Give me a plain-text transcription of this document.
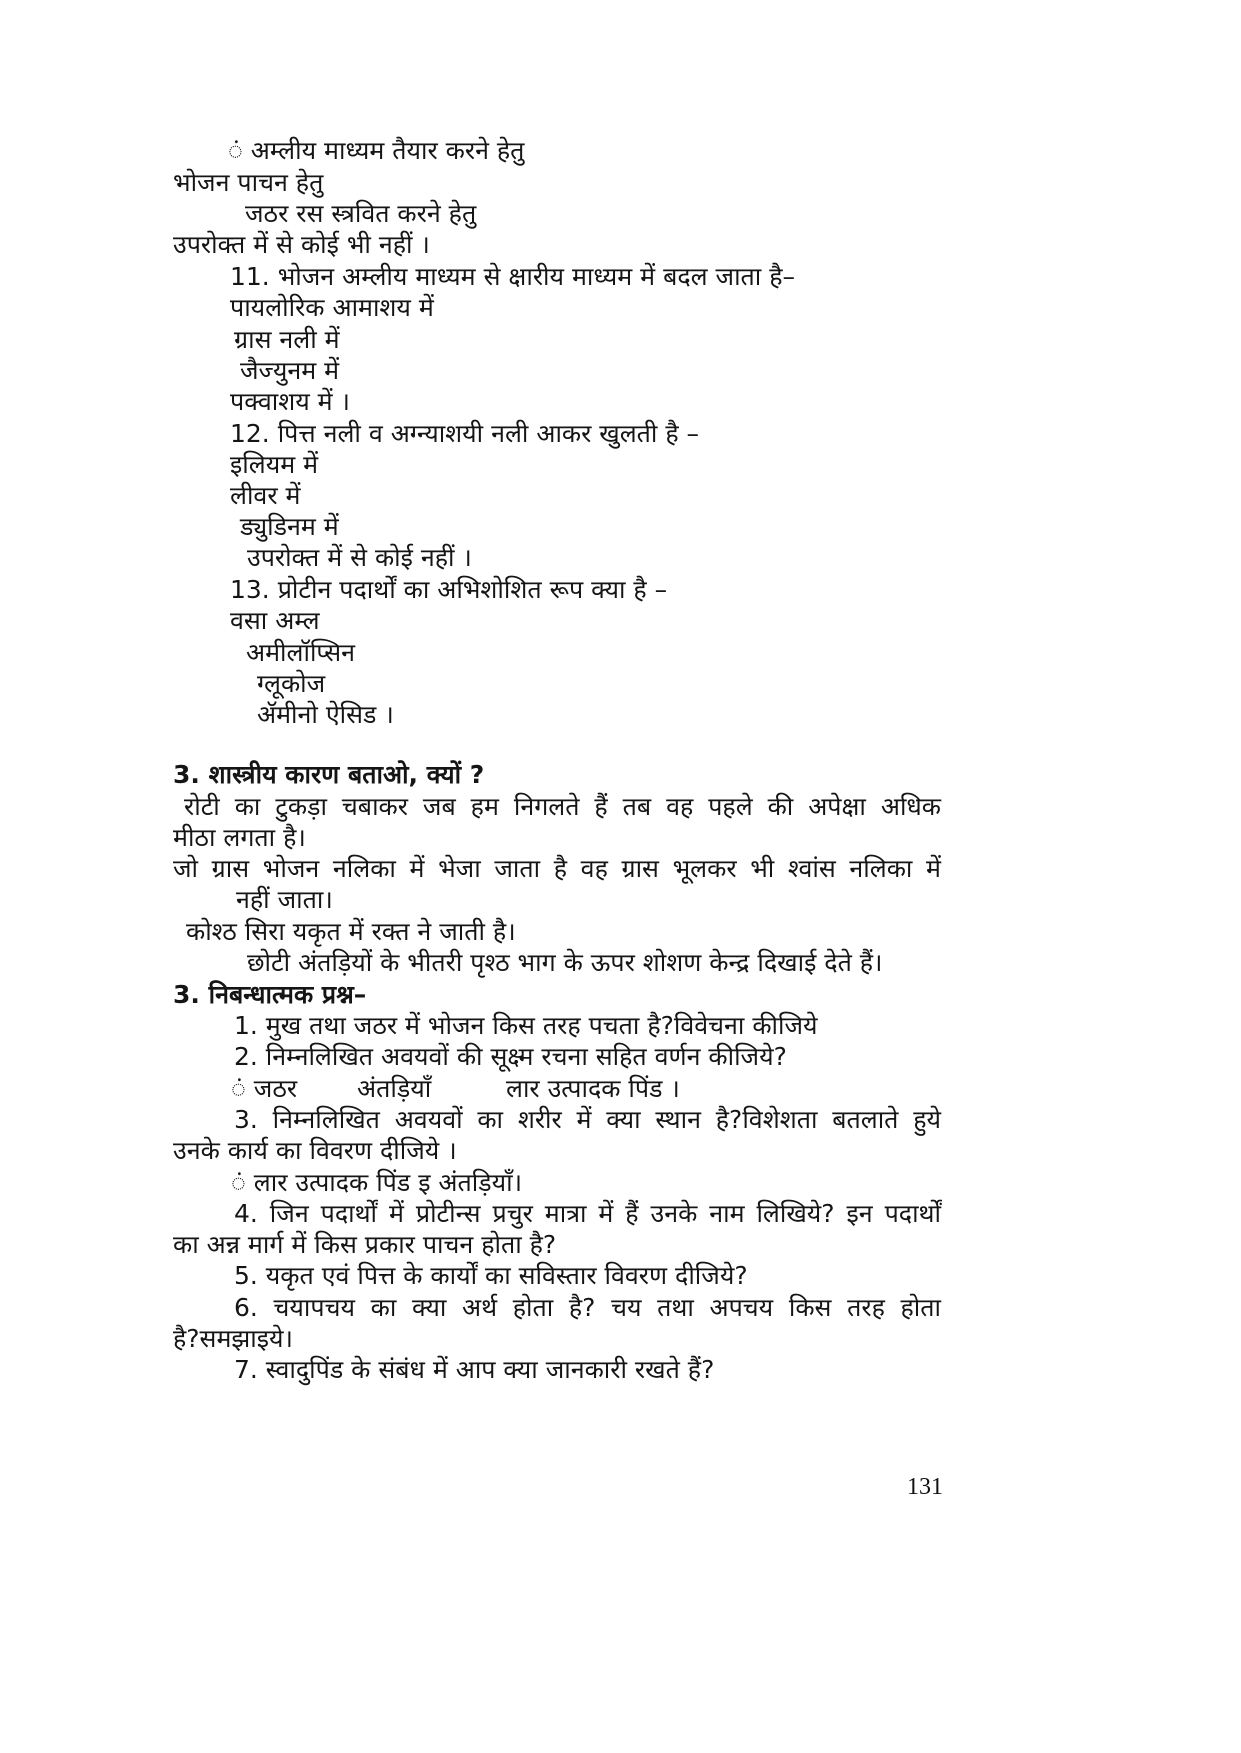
ं अम्लीय माध्यम तैयार करने हेतु
भोजन पाचन हेतु
जठर रस स्त्रवित करने हेतु
उपरोक्त में से कोई भी नहीं ।
11. भोजन अम्लीय माध्यम से क्षारीय माध्यम में बदल जाता है–
पायलोरिक आमाशय में
ग्रास नली में
जैज्युनम में
पक्वाशय में ।
12. पित्त नली व अग्न्याशयी नली आकर खुलती है –
इलियम में
लीवर में
ड्युडिनम में
उपरोक्त में से कोई नहीं ।
13. प्रोटीन पदार्थों का अभिशोशित रूप क्या है –
वसा अम्ल
अमीलॉप्सिन
ग्लूकोज
ॲमीनो ऐसिड ।
3. शास्त्रीय कारण बताओ, क्यों ?
रोटी का टुकड़ा चबाकर जब हम निगलते हैं तब वह पहले की अपेक्षा अधिक
मीठा लगता है।
जो ग्रास भोजन नलिका में भेजा जाता है वह ग्रास भूलकर भी श्वांस नलिका में
नहीं जाता।
कोश्ठ सिरा यकृत में रक्त ने जाती है।
छोटी अंतड़ियों के भीतरी पृश्ठ भाग के ऊपर शोशण केन्द्र दिखाई देते हैं।
3. निबन्धात्मक प्रश्न–
1. मुख तथा जठर में भोजन किस तरह पचता है?विवेचना कीजिये
2. निम्नलिखित अवयवों की सूक्ष्म रचना सहित वर्णन कीजिये?
ं जठर अंतड़ियाँ	लार उत्पादक पिंड ।
3. निम्नलिखित अवयवों का शरीर में क्या स्थान है?विशेशता बतलाते हुये
उनके कार्य का विवरण दीजिये ।
ं लार उत्पादक पिंड इ अंतड़ियाँ।
4. जिन पदार्थों में प्रोटीन्स प्रचुर मात्रा में हैं उनके नाम लिखिये? इन पदार्थों
का अन्न मार्ग में किस प्रकार पाचन होता है?
5. यकृत एवं पित्त के कार्यों का सविस्तार विवरण दीजिये?
6. चयापचय का क्या अर्थ होता है? चय तथा अपचय किस तरह होता
है?समझाइये।
7. स्वादुपिंड के संबंध में आप क्या जानकारी रखते हैं?
131
